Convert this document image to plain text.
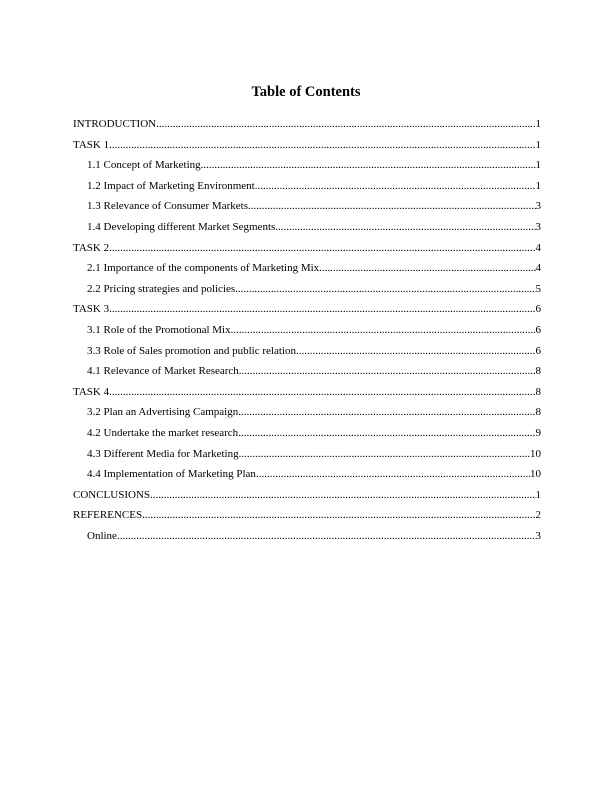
Table of Contents
INTRODUCTION .....	1
TASK 1 .....	1
1.1 Concept of Marketing .....	1
1.2 Impact of Marketing Environment .....	1
1.3 Relevance of Consumer Markets .....	3
1.4 Developing different Market Segments .....	3
TASK 2 .....	4
2.1 Importance of the components of Marketing Mix .....	4
2.2 Pricing strategies and policies .....	5
TASK 3 .....	6
3.1 Role of the Promotional Mix .....	6
3.3 Role of Sales promotion and public relation .....	6
4.1 Relevance of Market Research .....	8
TASK 4 .....	8
3.2 Plan an Advertising Campaign .....	8
4.2 Undertake the market research .....	9
4.3 Different Media for Marketing .....	10
4.4 Implementation of Marketing Plan .....	10
CONCLUSIONS .....	1
REFERENCES .....	2
Online .....	3
